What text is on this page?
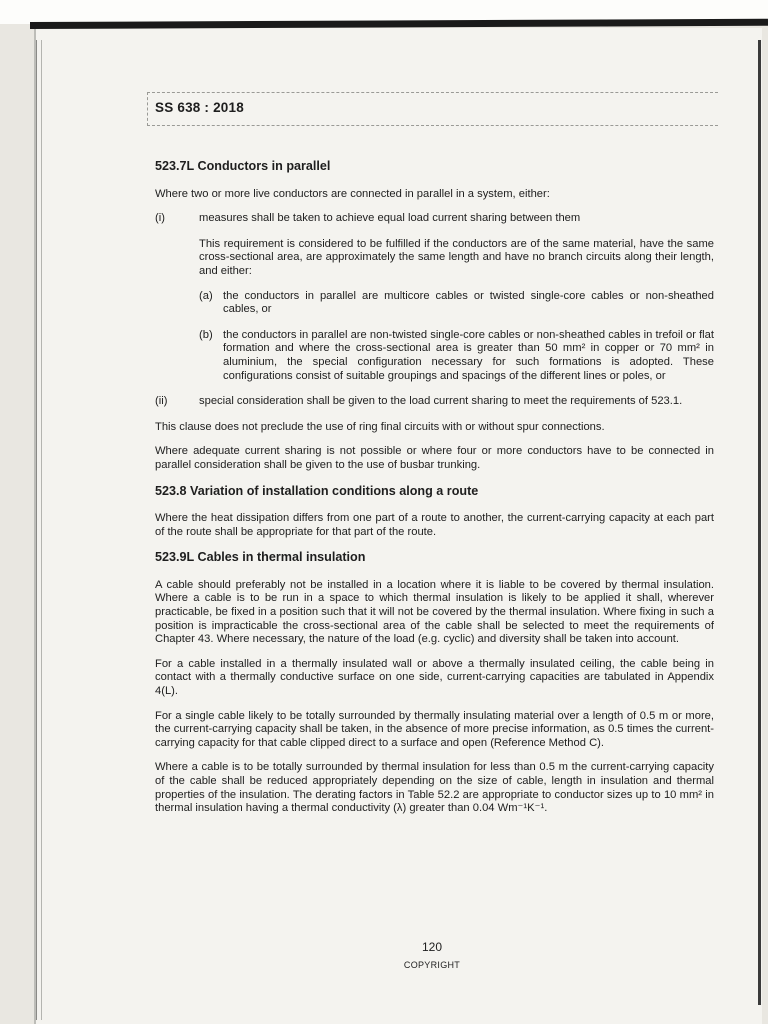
SS 638 : 2018
523.7L Conductors in parallel

Where two or more live conductors are connected in parallel in a system, either:

(i)	measures shall be taken to achieve equal load current sharing between them

This requirement is considered to be fulfilled if the conductors are of the same material, have the same cross-sectional area, are approximately the same length and have no branch circuits along their length, and either:

(a) the conductors in parallel are multicore cables or twisted single-core cables or non-sheathed cables, or
(b) the conductors in parallel are non-twisted single-core cables or non-sheathed cables in trefoil or flat formation and where the cross-sectional area is greater than 50 mm² in copper or 70 mm² in aluminium, the special configuration necessary for such formations is adopted. These configurations consist of suitable groupings and spacings of the different lines or poles, or
(ii)	special consideration shall be given to the load current sharing to meet the requirements of 523.1.

This clause does not preclude the use of ring final circuits with or without spur connections.

Where adequate current sharing is not possible or where four or more conductors have to be connected in parallel consideration shall be given to the use of busbar trunking.

523.8 Variation of installation conditions along a route

Where the heat dissipation differs from one part of a route to another, the current-carrying capacity at each part of the route shall be appropriate for that part of the route.

523.9L Cables in thermal insulation

A cable should preferably not be installed in a location where it is liable to be covered by thermal insulation. Where a cable is to be run in a space to which thermal insulation is likely to be applied it shall, wherever practicable, be fixed in a position such that it will not be covered by the thermal insulation. Where fixing in such a position is impracticable the cross-sectional area of the cable shall be selected to meet the requirements of Chapter 43. Where necessary, the nature of the load (e.g. cyclic) and diversity shall be taken into account.

For a cable installed in a thermally insulated wall or above a thermally insulated ceiling, the cable being in contact with a thermally conductive surface on one side, current-carrying capacities are tabulated in Appendix 4(L).

For a single cable likely to be totally surrounded by thermally insulating material over a length of 0.5 m or more, the current-carrying capacity shall be taken, in the absence of more precise information, as 0.5 times the current- carrying capacity for that cable clipped direct to a surface and open (Reference Method C).

Where a cable is to be totally surrounded by thermal insulation for less than 0.5 m the current-carrying capacity of the cable shall be reduced appropriately depending on the size of cable, length in insulation and thermal properties of the insulation. The derating factors in Table 52.2 are appropriate to conductor sizes up to 10 mm² in thermal insulation having a thermal conductivity (λ) greater than 0.04 Wm⁻¹K⁻¹.

120
COPYRIGHT
